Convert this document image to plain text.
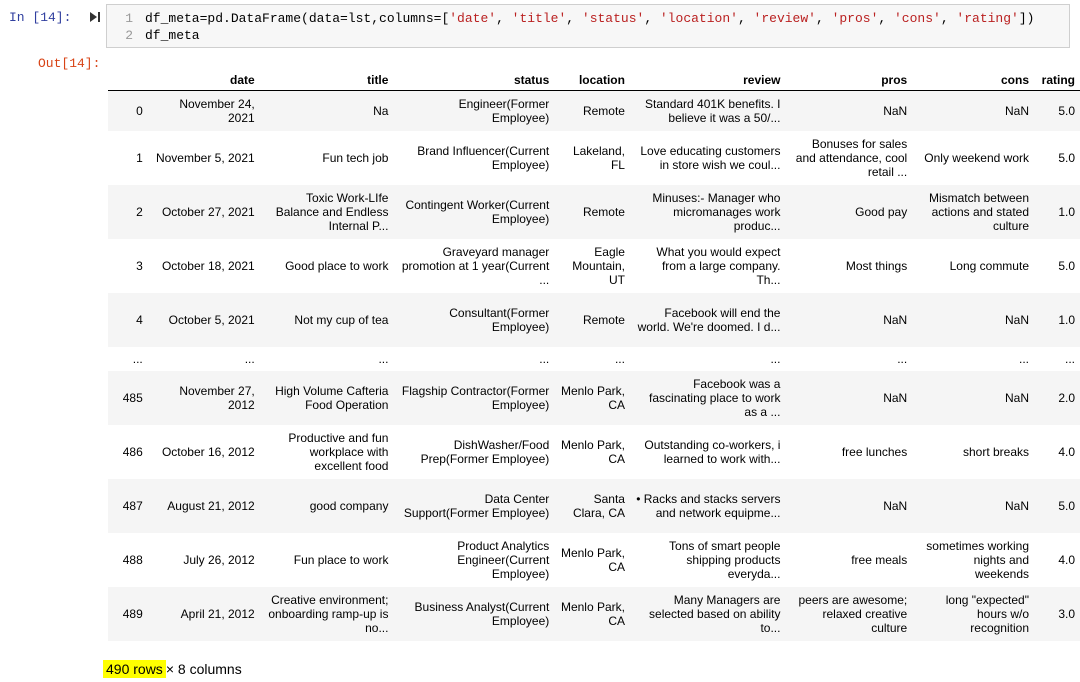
In [14]:	1 df_meta=pd.DataFrame(data=lst,columns=['date', 'title', 'status', 'location', 'review', 'pros', 'cons', 'rating'])
2 df_meta
Out[14]:
	date	title	status	location	review	pros	cons	rating
0	November 24, 2021	Na	Engineer(Former Employee)	Remote	Standard 401K benefits. I believe it was a 50/...	NaN	NaN	5.0
1	November 5, 2021	Fun tech job	Brand Influencer(Current Employee)	Lakeland, FL	Love educating customers in store wish we coul...	Bonuses for sales and attendance, cool retail ...	Only weekend work	5.0
2	October 27, 2021	Toxic Work-LIfe Balance and Endless Internal P...	Contingent Worker(Current Employee)	Remote	Minuses:- Manager who micromanages work produc...	Good pay	Mismatch between actions and stated culture	1.0
3	October 18, 2021	Good place to work	Graveyard manager promotion at 1 year(Current ...	Eagle Mountain, UT	What you would expect from a large company. Th...	Most things	Long commute	5.0
4	October 5, 2021	Not my cup of tea	Consultant(Former Employee)	Remote	Facebook will end the world. We're doomed. I d...	NaN	NaN	1.0
...	...	...	...	...	...	...	...	...
485	November 27, 2012	High Volume Cafteria Food Operation	Flagship Contractor(Former Employee)	Menlo Park, CA	Facebook was a fascinating place to work as a ...	NaN	NaN	2.0
486	October 16, 2012	Productive and fun workplace with excellent food	DishWasher/Food Prep(Former Employee)	Menlo Park, CA	Outstanding co-workers, i learned to work with...	free lunches	short breaks	4.0
487	August 21, 2012	good company	Data Center Support(Former Employee)	Santa Clara, CA	• Racks and stacks servers and network equipme...	NaN	NaN	5.0
488	July 26, 2012	Fun place to work	Product Analytics Engineer(Current Employee)	Menlo Park, CA	Tons of smart people shipping products everyda...	free meals	sometimes working nights and weekends	4.0
489	April 21, 2012	Creative environment; onboarding ramp-up is no...	Business Analyst(Current Employee)	Menlo Park, CA	Many Managers are selected based on ability to...	peers are awesome; relaxed creative culture	long "expected" hours w/o recognition	3.0
490 rows × 8 columns
